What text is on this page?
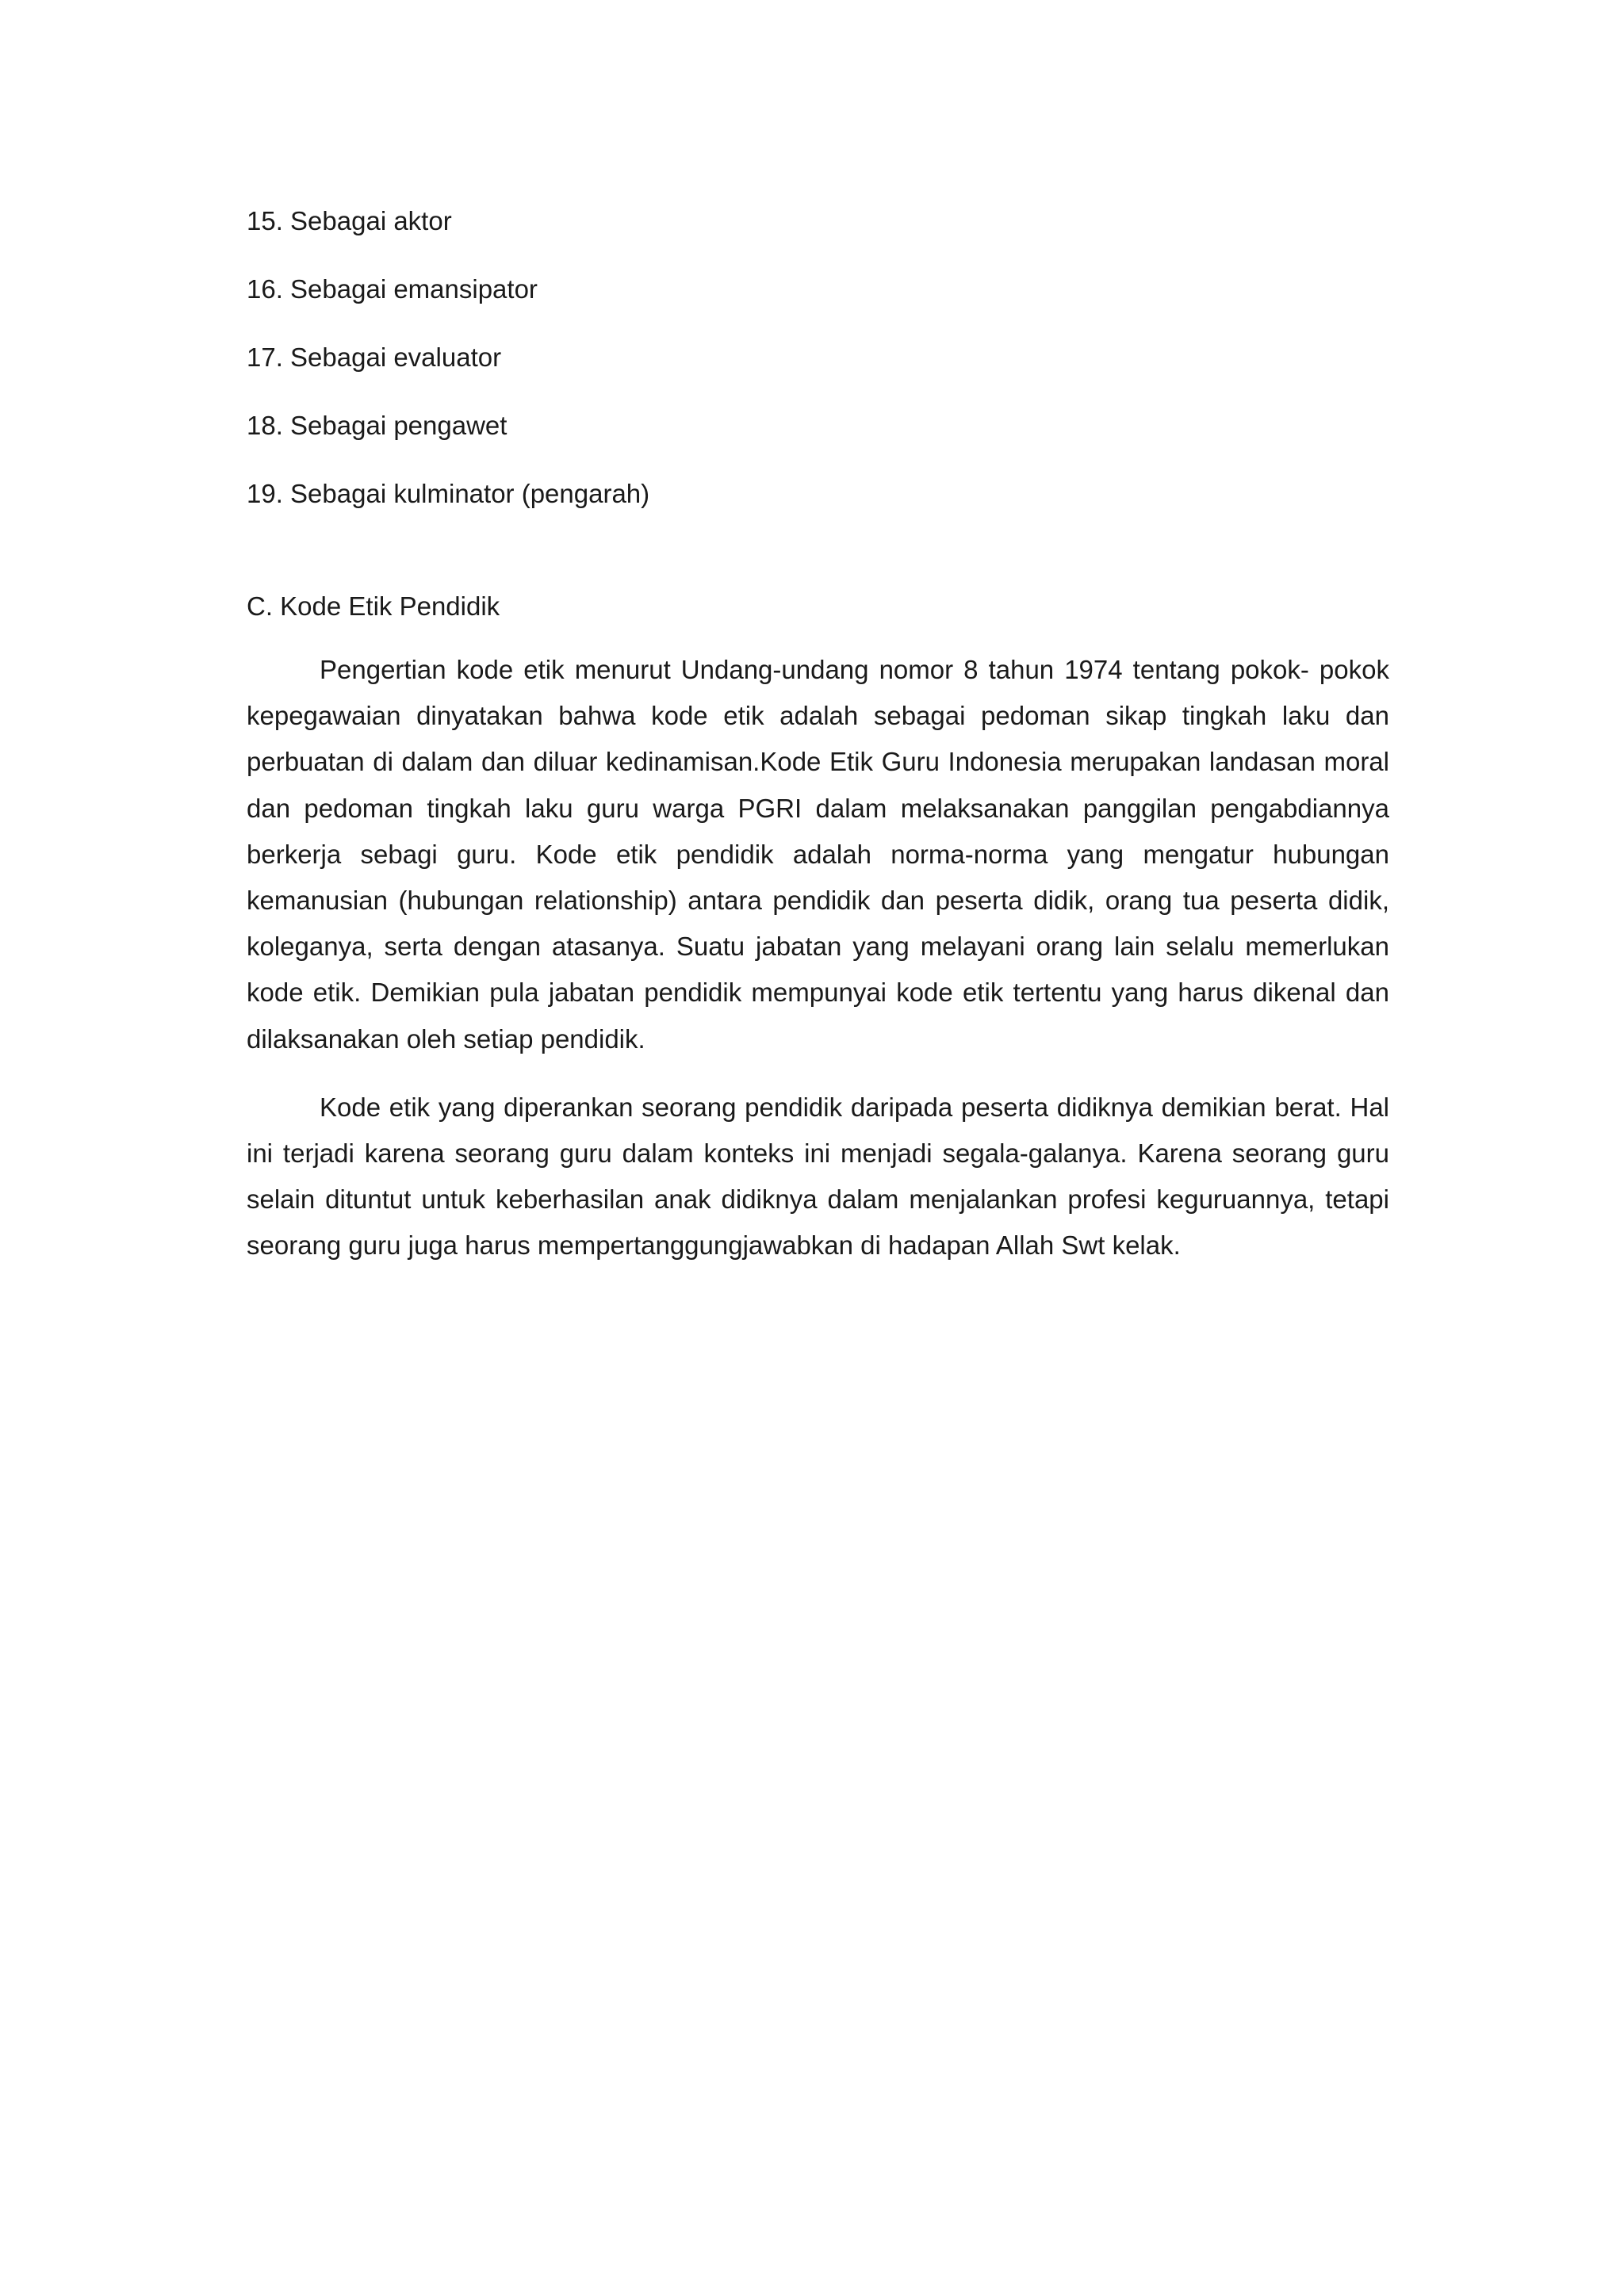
15. Sebagai aktor
16. Sebagai emansipator
17. Sebagai evaluator
18. Sebagai pengawet
19. Sebagai kulminator (pengarah)
C. Kode Etik Pendidik

Pengertian kode etik menurut Undang-undang nomor 8 tahun 1974 tentang pokok- pokok kepegawaian dinyatakan bahwa kode etik adalah sebagai pedoman sikap tingkah laku dan perbuatan di dalam dan diluar kedinamisan.Kode Etik Guru Indonesia merupakan landasan moral dan pedoman tingkah laku guru warga PGRI dalam melaksanakan panggilan pengabdiannya berkerja sebagi guru. Kode etik pendidik adalah norma-norma yang mengatur hubungan kemanusian (hubungan relationship) antara pendidik dan peserta didik, orang tua peserta didik, koleganya, serta dengan atasanya. Suatu jabatan yang melayani orang lain selalu memerlukan kode etik. Demikian pula jabatan pendidik mempunyai kode etik tertentu yang harus dikenal dan dilaksanakan oleh setiap pendidik.

Kode etik yang diperankan seorang pendidik daripada peserta didiknya demikian berat. Hal ini terjadi karena seorang guru dalam konteks ini menjadi segala-galanya. Karena seorang guru selain dituntut untuk keberhasilan anak didiknya dalam menjalankan profesi keguruannya, tetapi seorang guru juga harus mempertanggungjawabkan di hadapan Allah Swt kelak.
